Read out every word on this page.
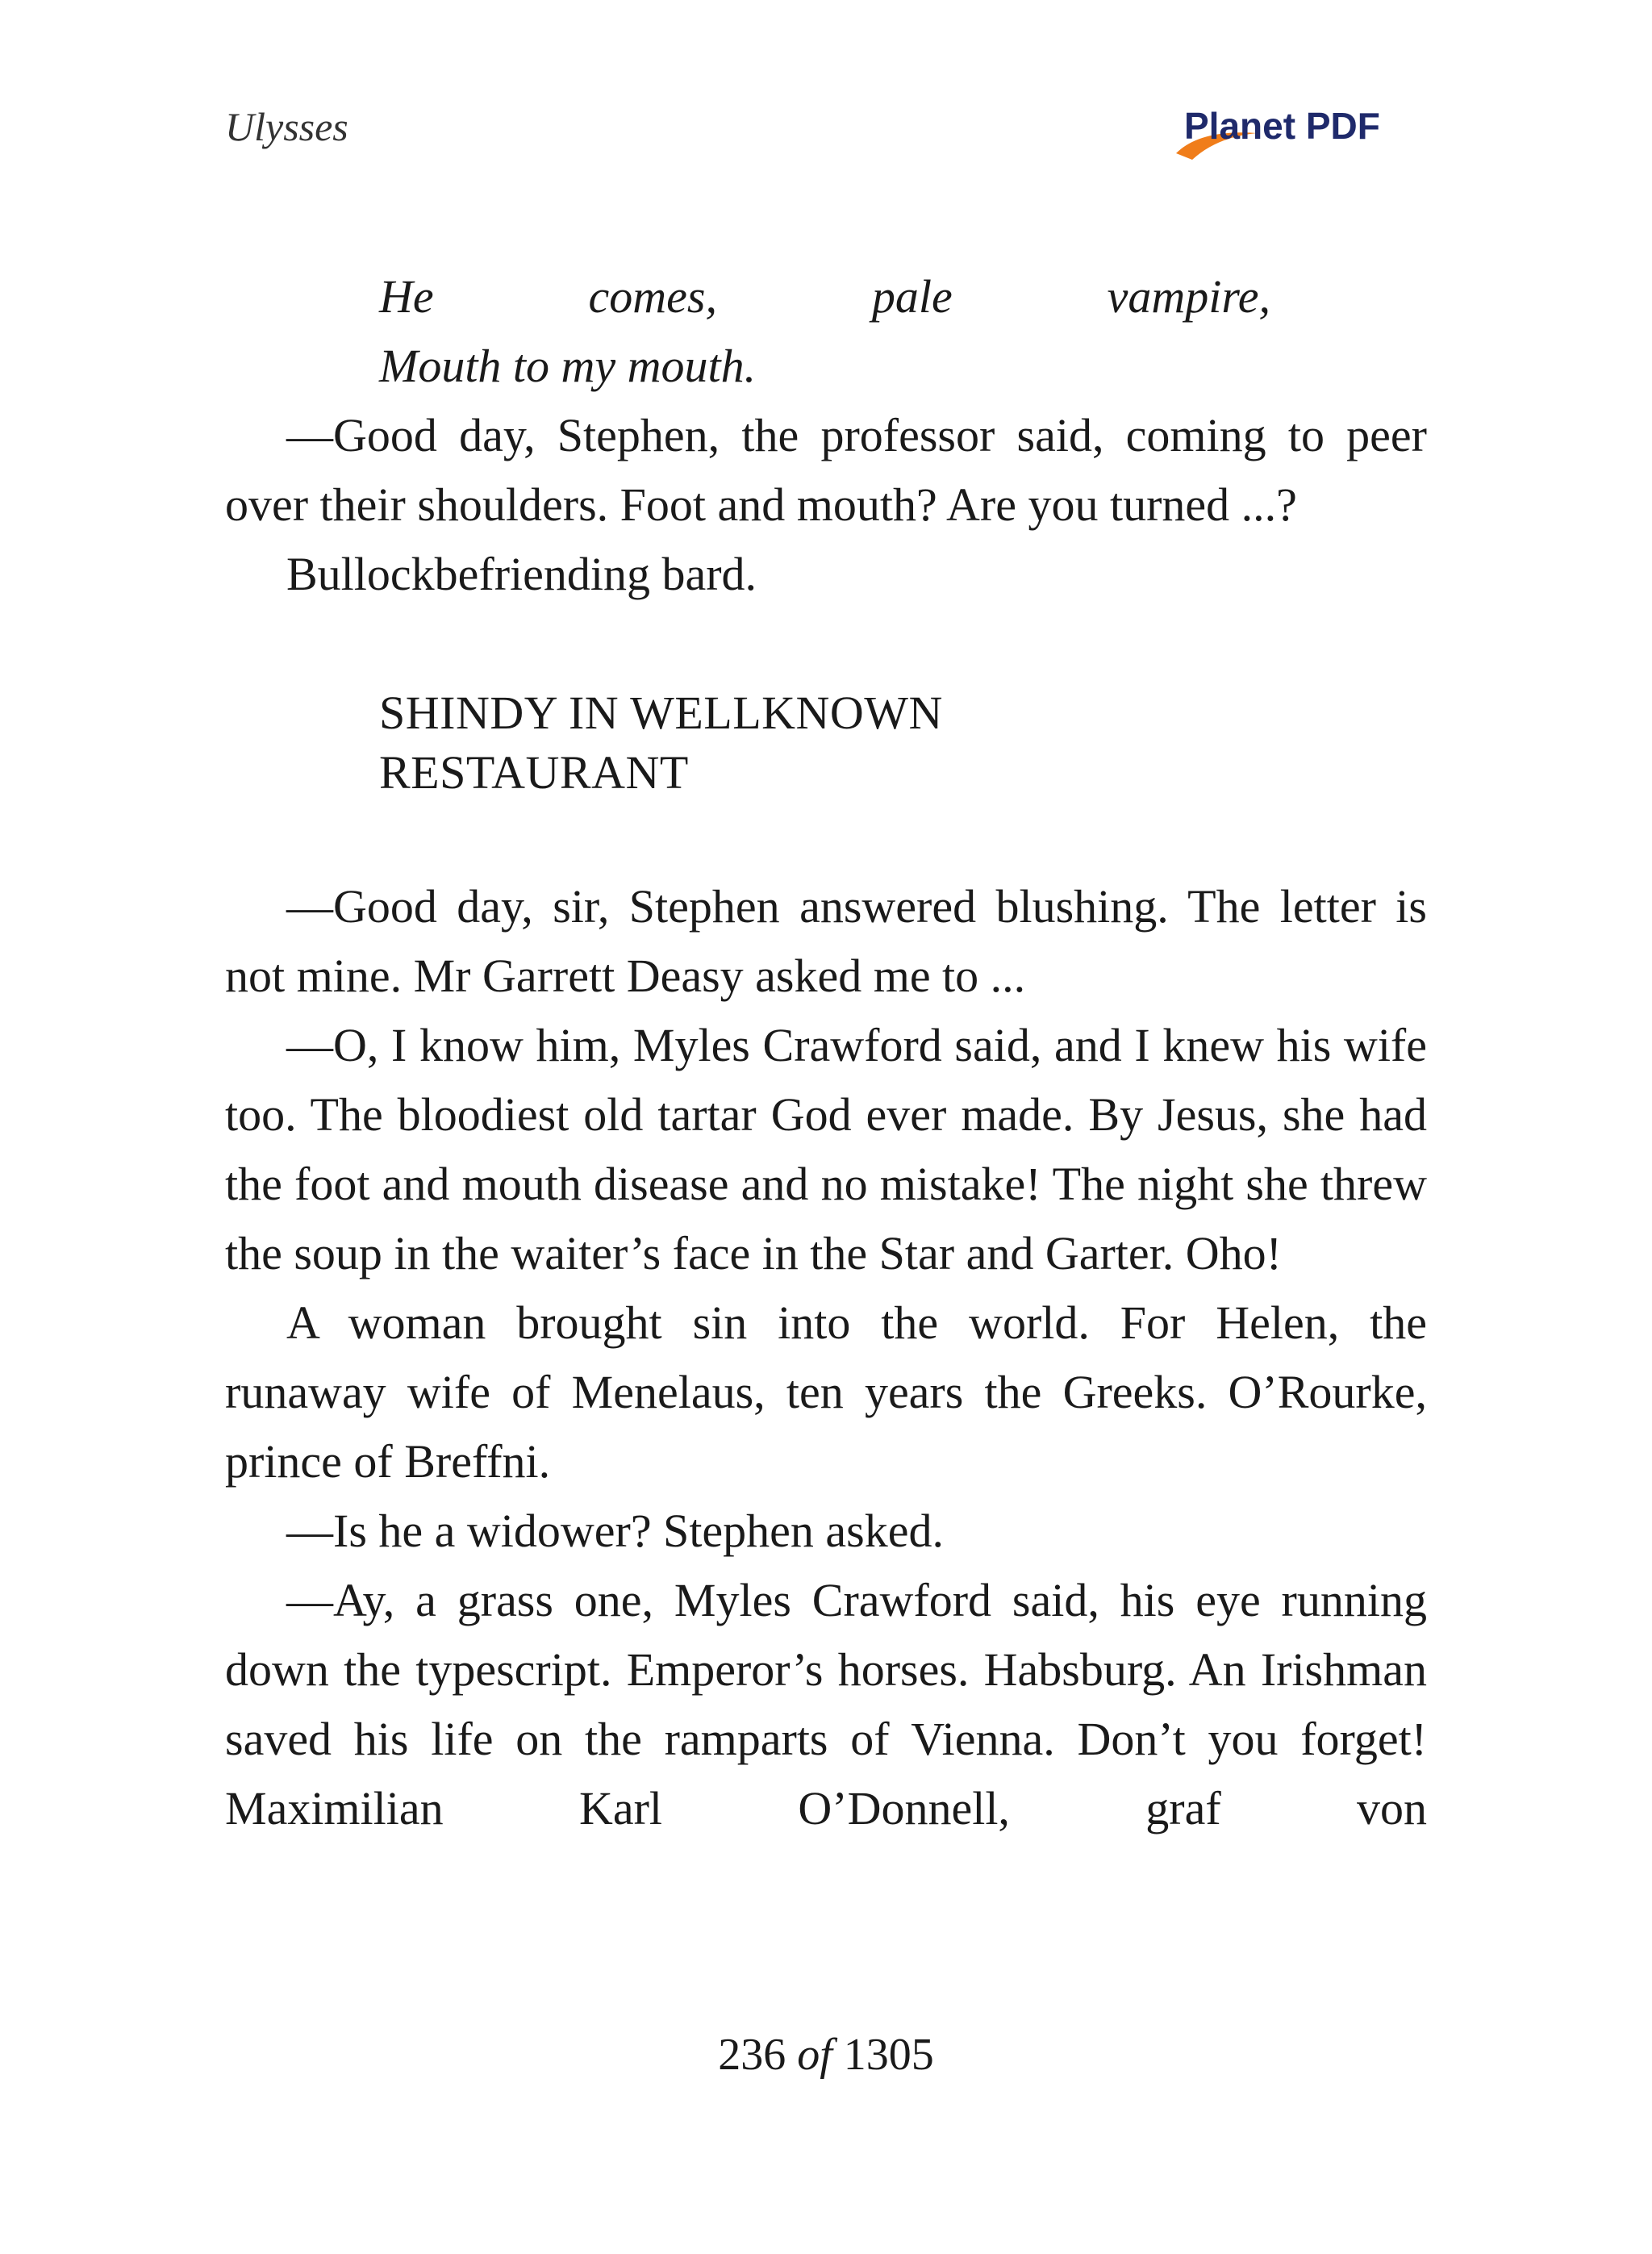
Ulysses	Planet PDF
He	comes,	pale	vampire,
Mouth to my mouth.

—Good day, Stephen, the professor said, coming to peer over their shoulders. Foot and mouth? Are you turned ...?

Bullockbefriending bard.

SHINDY IN WELLKNOWN
RESTAURANT

—Good day, sir, Stephen answered blushing. The letter is not mine. Mr Garrett Deasy asked me to ...

—O, I know him, Myles Crawford said, and I knew his wife too. The bloodiest old tartar God ever made. By Jesus, she had the foot and mouth disease and no mistake! The night she threw the soup in the waiter’s face in the Star and Garter. Oho!

A woman brought sin into the world. For Helen, the runaway wife of Menelaus, ten years the Greeks. O’Rourke, prince of Breffni.

—Is he a widower? Stephen asked.

—Ay, a grass one, Myles Crawford said, his eye running down the typescript. Emperor’s horses. Habsburg. An Irishman saved his life on the ramparts of Vienna. Don’t you forget! Maximilian Karl O’Donnell, graf von

236 of 1305
